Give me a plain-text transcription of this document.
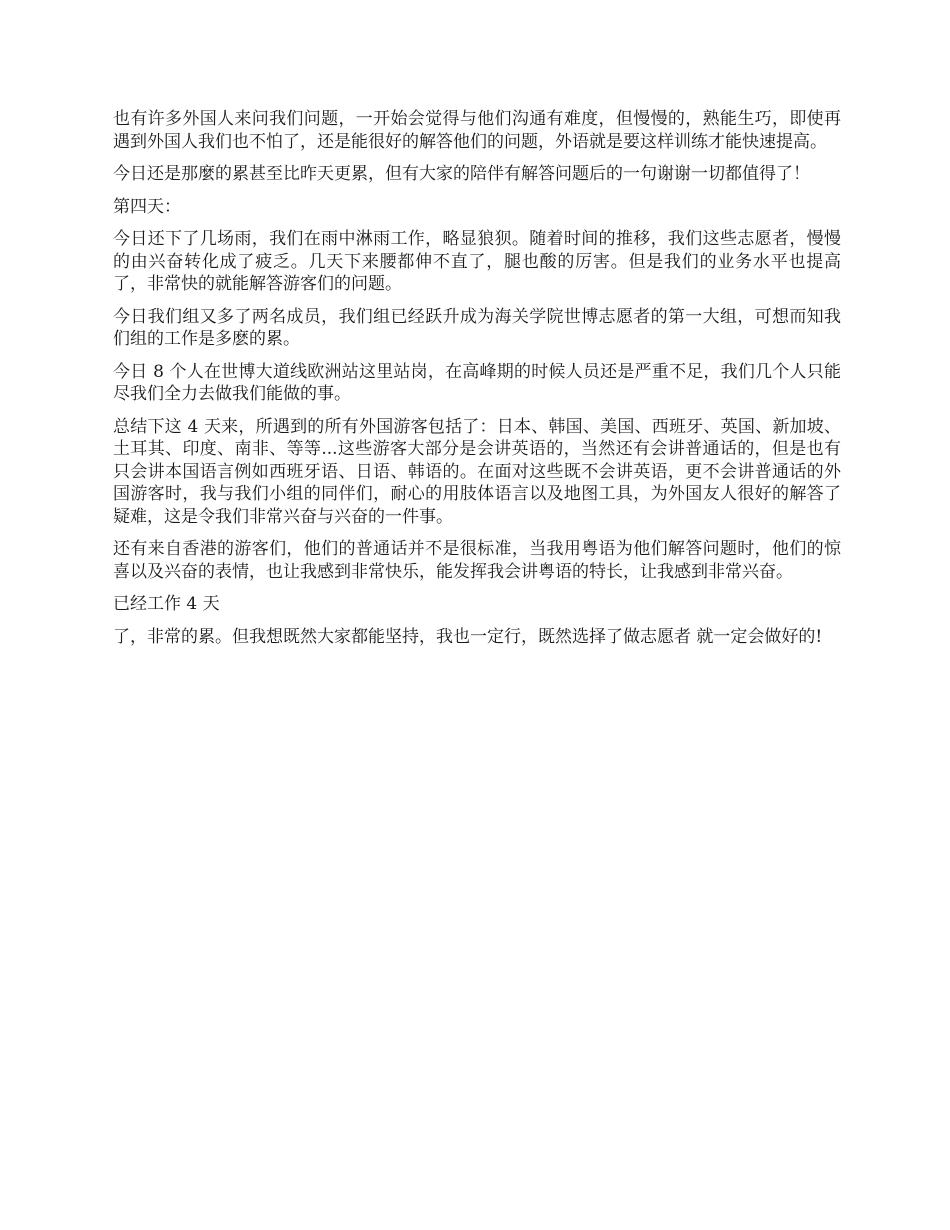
也有许多外国人来问我们问题，一开始会觉得与他们沟通有难度，但慢慢的，熟能生巧，即使再遇到外国人我们也不怕了，还是能很好的解答他们的问题，外语就是要这样训练才能快速提高。

今日还是那麼的累甚至比昨天更累，但有大家的陪伴有解答问题后的一句谢谢一切都值得了！

第四天：

今日还下了几场雨，我们在雨中淋雨工作，略显狼狈。随着时间的推移，我们这些志愿者，慢慢的由兴奋转化成了疲乏。几天下来腰都伸不直了，腿也酸的厉害。但是我们的业务水平也提高了，非常快的就能解答游客们的问题。

今日我们组又多了两名成员，我们组已经跃升成为海关学院世博志愿者的第一大组，可想而知我们组的工作是多麽的累。

今日 8 个人在世博大道线欧洲站这里站岗，在高峰期的时候人员还是严重不足，我们几个人只能尽我们全力去做我们能做的事。

总结下这 4 天来，所遇到的所有外国游客包括了：日本、韩国、美国、西班牙、英国、新加坡、土耳其、印度、南非、等等...这些游客大部分是会讲英语的，当然还有会讲普通话的，但是也有只会讲本国语言例如西班牙语、日语、韩语的。在面对这些既不会讲英语，更不会讲普通话的外国游客时，我与我们小组的同伴们，耐心的用肢体语言以及地图工具，为外国友人很好的解答了疑难，这是令我们非常兴奋与兴奋的一件事。

还有来自香港的游客们，他们的普通话并不是很标准，当我用粤语为他们解答问题时，他们的惊喜以及兴奋的表情，也让我感到非常快乐，能发挥我会讲粤语的特长，让我感到非常兴奋。

已经工作 4 天

了，非常的累。但我想既然大家都能坚持，我也一定行，既然选择了做志愿者 就一定会做好的!
